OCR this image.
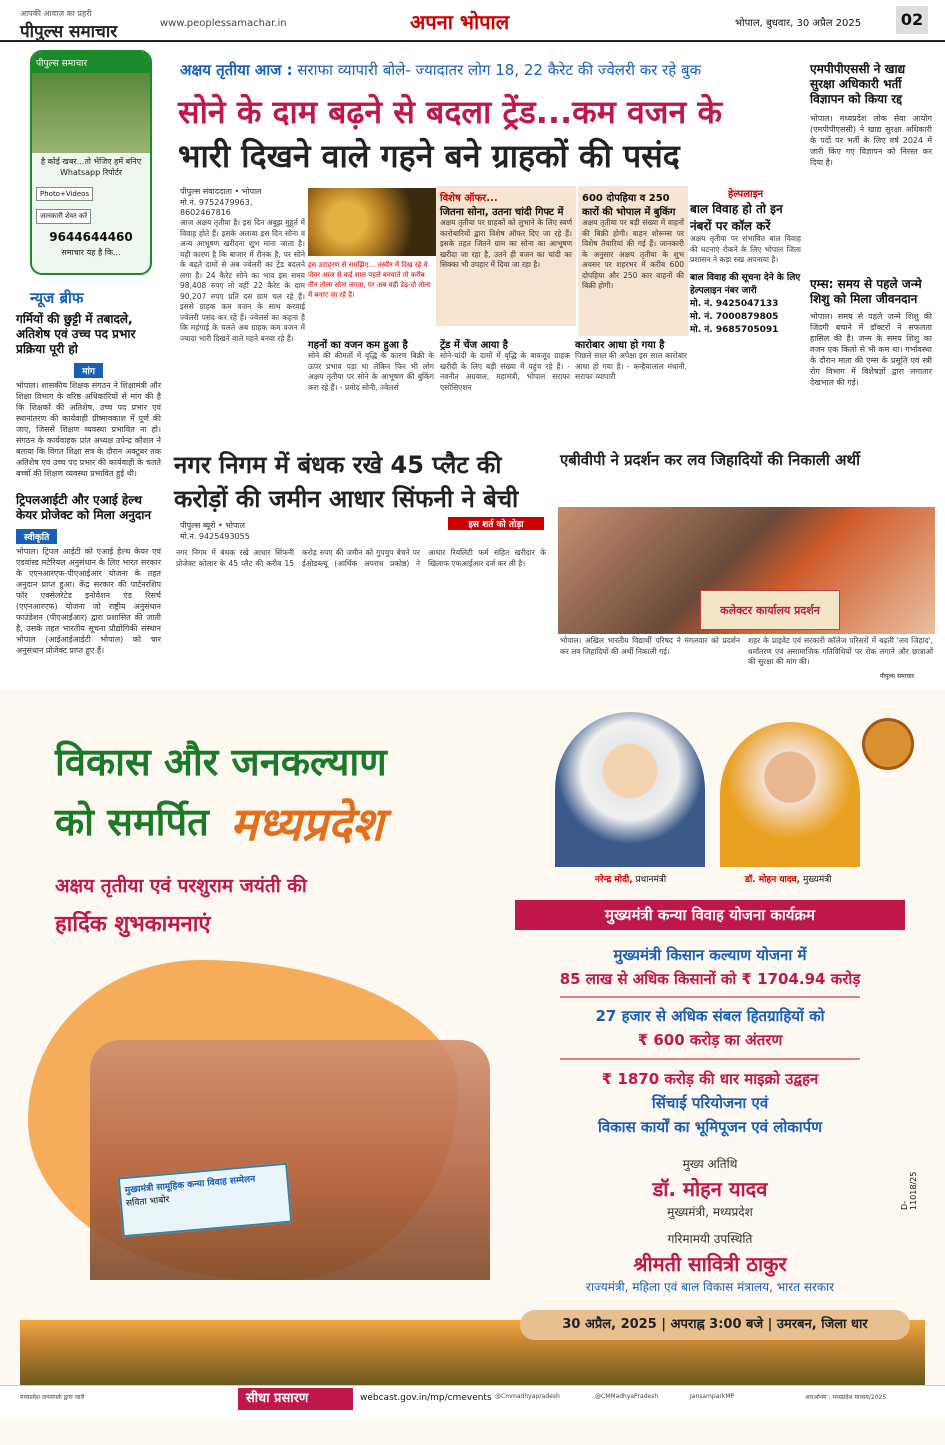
आपकी आवाज़ का प्रहरी
पीपुल्स समाचार	www.peoplessamachar.in	अपना भोपाल	भोपाल, बुधवार, 30 अप्रैल 2025	02
पीपुल्स समाचार
है कोई खबर...तो भेजिए हमें बनिए Whatsapp रिपोर्टर
Photo+Videos जानकारी शेयर करें
9644644460
समाचार यह है कि...
न्यूज ब्रीफ
गर्मियों की छुट्टी में तबादले, अतिशेष एवं उच्च पद प्रभार प्रक्रिया पूरी हो
मांग
भोपाल। शासकीय शिक्षक संगठन ने शिक्षामंत्री और शिक्षा विभाग के वरिष्ठ अधिकारियों से मांग की है कि शिक्षकों की अतिशेष, उच्च पद प्रभार एवं स्थानांतरण की कार्यवाही ग्रीष्मावकाश में पूर्ण की जाए, जिससे शिक्षण व्यवस्था प्रभावित ना हो। संगठन के कार्यवाहक प्रांत अध्यक्ष उपेन्द्र कौशल ने बताया कि विगत शिक्षा सत्र के दौरान अक्टूबर तक अतिशेष एवं उच्च पद प्रभार की कार्यवाही के चलते बच्चों की शिक्षण व्यवस्था प्रभावित हुई थी।
ट्रिपलआईटी और एआई हेल्थ केयर प्रोजेक्ट को मिला अनुदान
स्वीकृति
भोपाल। ट्रिपल आईटी को एआई हेल्थ केयर एवं एडवांस्ड मटेरियल अनुसंधान के लिए भारत सरकार के एएनआरएफ-पीएआईआर योजना के तहत अनुदान प्राप्त हुआ। केंद्र सरकार की पार्टनरशिप फॉर एक्सेलरेटेड इनोवेशन एंड रिसर्च (एएनआरएफ) योजना जो राष्ट्रीय अनुसंधान फाउंडेशन (पीएआईआर) द्वारा प्रशासित की जाती है, उसके तहत भारतीय सूचना प्रौद्योगिकी संस्थान भोपाल (आईआईआईटी भोपाल) को चार अनुसंधान प्रोजेक्ट प्राप्त हुए हैं।
अक्षय तृतीया आज : सराफा व्यापारी बोले- ज्यादातर लोग 18, 22 कैरेट की ज्वेलरी कर रहे बुक
सोने के दाम बढ़ने से बदला ट्रेंड...कम वजन के
भारी दिखने वाले गहने बने ग्राहकों की पसंद
पीपुल्स संवाददाता • भोपाल
मो.नं. 9752479963, 8602467816
आज अक्षय तृतीया है। इस दिन अबूझ मुहूर्त में विवाह होते हैं। इसके अलावा इस दिन सोना व अन्य आभूषण खरीदना शुभ माना जाता है। यही कारण है कि बाजार में रौनक है, पर सोने के बढ़ते दामों से अब ज्वेलरी का ट्रेंड बदलने लगा है। 24 कैरेट सोने का भाव इस समय 98,408 रुपए तो वहीं 22 कैरेट के दाम 90,207 रुपए प्रति दस ग्राम चल रहे हैं। इससे ग्राहक कम वजन के साथ करवाई ज्वेलरी पसंद कर रहे हैं। ज्वेलर्स का कहना है कि महंगाई के चलते अब ग्राहक कम वजन में ज्यादा भारी दिखने वाले गहने बनवा रहे हैं।
इस उदाहरण से समझिए... तस्वीर में दिख रहे ये जेवर आज से कई साल पहले बनवाते तो करीब तीन तोला सोना लगता, पर अब यही डेढ़-दो तोला में बनाए जा रहे हैं।
विशेष ऑफर...
जितना सोना, उतना चांदी गिफ्ट में
अक्षय तृतीया पर ग्राहकों को लुभाने के लिए स्वर्ण कारोबारियों द्वारा विशेष ऑफर दिए जा रहे हैं। इसके तहत जितने ग्राम का सोना का आभूषण खरीदा जा रहा है, उतने ही वजन का चांदी का सिक्का भी उपहार में दिया जा रहा है।
600 दोपहिया व 250 कारों की भोपाल में बुकिंग
अक्षय तृतीया पर बड़ी संख्या में वाहनों की बिक्री होगी। वाहन शोरूम्स पर विशेष तैयारियां की गई हैं। जानकारी के अनुसार अक्षय तृतीया के शुभ अवसर पर शहरभर में करीब 600 दोपहिया और 250 कार वाहनों की बिक्री होगी।
हेल्पलाइन
बाल विवाह हो तो इन नंबरों पर कॉल करें
अक्षय तृतीया पर संभावित बाल विवाह की घटनाएं रोकने के लिए भोपाल जिला प्रशासन ने कड़ा रुख अपनाया है।
बाल विवाह की सूचना देने के लिए हेल्पलाइन नंबर जारी
मो. नं. 9425047133
मो. नं. 7000879805
मो. नं. 9685705091
गहनों का वजन कम हुआ है
सोने की कीमतों में वृद्धि के कारण बिक्री के ऊपर प्रभाव पड़ा था लेकिन फिर भी लोग अक्षय तृतीया पर सोने के आभूषण की बुकिंग करा रहे हैं। - प्रमोद सोनी, ज्वेलर्स
ट्रेंड में चेंज आया है
सोने-चांदी के दामों में वृद्धि के बावजूद ग्राहक खरीदी के लिए बड़ी संख्या में पहुंच रहे हैं। - नवनीत अग्रवाल, महामंत्री, भोपाल सराफा एसोसिएशन
कारोबार आधा हो गया है
पिछले साल की अपेक्षा इस साल कारोबार आधा हो गया है। - कन्हैयालाल मंधानी, सराफा व्यापारी
एमपीपीएससी ने खाद्य सुरक्षा अधिकारी भर्ती विज्ञापन को किया रद्द
भोपाल। मध्यप्रदेश लोक सेवा आयोग (एमपीपीएससी) ने खाद्य सुरक्षा अधिकारी के पदों पर भर्ती के लिए वर्ष 2024 में जारी किए गए विज्ञापन को निरस्त कर दिया है।
एम्स: समय से पहले जन्मे शिशु को मिला जीवनदान
भोपाल। समय से पहले जन्मे शिशु की जिंदगी बचाने में डॉक्टरों ने सफलता हासिल की है। जन्म के समय शिशु का वजन एक किलो से भी कम था। गर्भावस्था के दौरान माता की एम्स के प्रसूति एवं स्त्री रोग विभाग में विशेषज्ञों द्वारा लगातार देखभाल की गई।
नगर निगम में बंधक रखे 45 प्लैट की
करोड़ों की जमीन आधार सिंफनी ने बेची
पीपुल्स ब्यूरो • भोपाल
मो.नं. 9425493055
नगर निगम में बंधक रखे आधार सिंफनी प्रोजेक्ट कोलार के 45 प्लैट की करीब 15 करोड़ रुपए की जमीन को गुपचुप बेचने पर ईओडब्ल्यू (आर्थिक अपराध प्रकोष्ठ) ने आधार रियलिटी फर्म सहित खरीदार के खिलाफ एफआईआर दर्ज कर ली है।
इस शर्त को तोड़ा
एबीवीपी ने प्रदर्शन कर लव जिहादियों की निकाली अर्थी
कलेक्टर कार्यालय प्रदर्शन
भोपाल। अखिल भारतीय विद्यार्थी परिषद ने मंगलवार को प्रदर्शन कर लव जिहादियों की अर्थी निकाली गई।
शहर के प्राइवेट एवं सरकारी कॉलेज परिसरों में बढ़ती 'लव जिहाद', धर्मांतरण एवं असामाजिक गतिविधियों पर रोक लगाने और छात्राओं की सुरक्षा की मांग की।
पीपुल्स समाचार
विकास और जनकल्याण
को समर्पित मध्यप्रदेश
अक्षय तृतीया एवं परशुराम जयंती की
हार्दिक शुभकामनाएं
मुख्यमंत्री सामूहिक कन्या विवाह सम्मेलन
सविता भाबोर
नरेन्द्र मोदी, प्रधानमंत्री	डॉ. मोहन यादव, मुख्यमंत्री
मुख्यमंत्री कन्या विवाह योजना कार्यक्रम
मुख्यमंत्री किसान कल्याण योजना में
85 लाख से अधिक किसानों को ₹ 1704.94 करोड़
27 हजार से अधिक संबल हितग्राहियों को
₹ 600 करोड़ का अंतरण
₹ 1870 करोड़ की धार माइक्रो उद्वहन
सिंचाई परियोजना एवं
विकास कार्यों का भूमिपूजन एवं लोकार्पण
मुख्य अतिथि
डॉ. मोहन यादव
मुख्यमंत्री, मध्यप्रदेश
गरिमामयी उपस्थिति
श्रीमती सावित्री ठाकुर
राज्यमंत्री, महिला एवं बाल विकास मंत्रालय, भारत सरकार
30 अप्रैल, 2025 | अपराह्न 3:00 बजे | उमरबन, जिला धार
D-11018/25
मध्यप्रदेश जनसंपर्क द्वारा जारी	सीधा प्रसारण	webcast.gov.in/mp/cmevents @Cmmadhyapradesh	@CMMadhyaPradesh	JansamparkMP	आरओनम : मध्यप्रदेश माध्यम/2025
